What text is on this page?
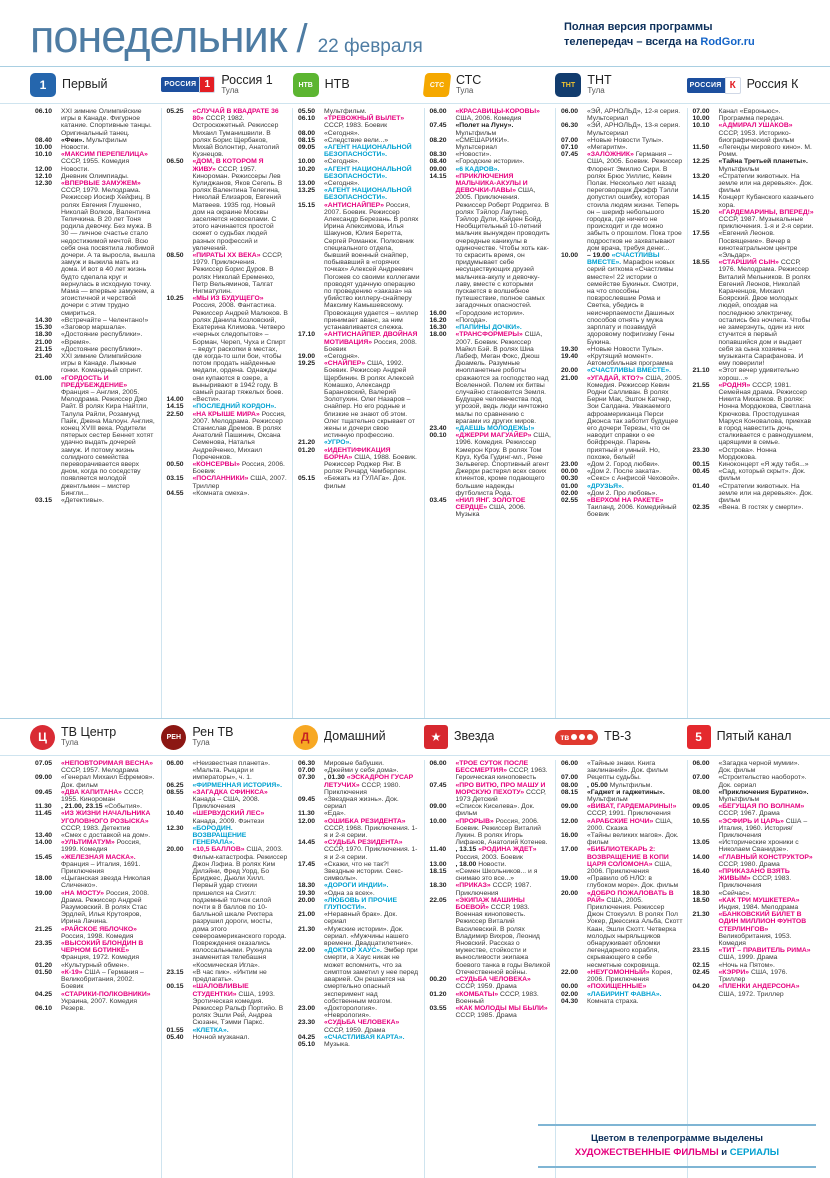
понедельник / 22 февраля
Полная версия программы
телепередач – всегда на RodGor.ru
1	Первый	РОССИЯ 1 Россия 1
Тула
НТВ НТВ	СТС СТС
Тула
ТНТ ТНТ
Тула
РОССИЯ К Россия К
06.10	XXI зимние Олимпийские игры в Канаде. Фигурное катание. Спортивные танцы. Оригинальный танец.
08.40	«Феи». Мультфильм
10.00	Новости.
10.10	«МАКСИМ ПЕРЕПЕЛИЦА» СССР, 1955. Комедия
12.00	Новости.
12.10	Дневник Олимпиады.
12.30	«ВПЕРВЫЕ ЗАМУЖЕМ» СССР, 1979. Мелодрама. Режиссер Иосиф Хейфиц. В ролях Евгения Глушенко, Николай Волков, Валентина Теличкина. В 20 лет Тоня родила девочку. Без мужа. В 30 — личное счастье стало недостижимой мечтой. Всю себя она посвятила любимой дочери. А та выросла, вышла замуж и выжила мать из дома. И вот в 40 лет жизнь будто сделала круг и вернулась в исходную точку. Мама — впервые замужем, а эгоистичной и черствой дочери с этим трудно смириться.
14.30	«Встречайте – Челентано!»
15.30	«Заговор маршала».
18.30	«Достояние республики».
21.00	«Время».
21.15	«Достояние республики».
21.40	XXI зимние Олимпийские игры в Канаде. Лыжные гонки. Командный спринт.
01.00	«ГОРДОСТЬ И ПРЕДУБЕЖДЕНИЕ» Франция – Англия, 2005. Мелодрама. Режиссер Джо Райт. В ролях Кира Найтли, Талула Райли, Розамунд Пайк, Джена Малоун. Англия, конец XVIII века. Родители пятерых сестер Беннет хотят удачно выдать дочерей замуж. И потому жизнь солидного семейства переворачивается вверх дном, когда по соседству появляется молодой джентльмен – мистер Бингли...
03.15	«Детективы».
05.25	«СЛУЧАЙ В КВАДРАТЕ 36 80» СССР, 1982. Остросюжетный. Режиссер Михаил Туманишвили. В ролях Борис Щербаков, Михай Волонтир, Анатолий Кузнецов.
06.50	«ДОМ, В КОТОРОМ Я ЖИВУ» СССР, 1957. Кинороман. Режиссеры Лев Кулиджанов, Яков Сегель. В ролях Валентина Телегина, Николай Елизаров, Евгений Матвеев. 1935 год. Новый дом на окраине Москвы заселяется новоселами. С этого начинается простой сюжет о судьбах людей разных профессий и увлечений.
08.50	«ПИРАТЫ XX ВЕКА» СССР, 1979. Приключения. Режиссер Борис Дуров. В ролях Николай Еременко, Петр Вельяминов, Талгат Нигматулин.
10.25	«МЫ ИЗ БУДУЩЕГО» Россия, 2008. Фантастика. Режиссер Андрей Малюков. В ролях Данила Козловский, Екатерина Климова. Четверо «черных следопытов» – Борман, Череп, Чуха и Спирт – ведут раскопки в местах, где когда-то шли бои, чтобы потом продать найденные медали, ордена. Однажды они купаются в озере, а выныривают в 1942 году. В самый разгар тяжелых боев.
14.00	«Вести».
14.15	«ПОСЛЕДНИЙ КОРДОН».
22.50	«НА КРЫШЕ МИРА» Россия, 2007. Мелодрама. Режиссер Станислав Дремов. В ролях Анатолий Пашинин, Оксана Семенова, Наталья Андрейченко, Михаил Пореченков.
00.50	«КОНСЕРВЫ» Россия, 2006. Боевик
03.15	«ПОСЛАННИКИ» США, 2007. Триллер
04.55	«Комната смеха».
05.50	Мультфильм.
06.10	«ТРЕВОЖНЫЙ ВЫЛЕТ» СССР, 1983. Боевик
08.00	«Сегодня».
08.15	«Следствие вели...»
09.05	«АГЕНТ НАЦИОНАЛЬНОЙ БЕЗОПАСНОСТИ».
10.00	«Сегодня».
10.20	«АГЕНТ НАЦИОНАЛЬНОЙ БЕЗОПАСНОСТИ».
13.00	«Сегодня».
13.25	«АГЕНТ НАЦИОНАЛЬНОЙ БЕЗОПАСНОСТИ».
15.15	«АНТИСНАЙПЕР» Россия, 2007. Боевик. Режиссер Александр Березань. В ролях Ирина Апексимова, Илья Шакунов, Юлия Беретта, Сергей Романюк. Полковник специального отдела, бывший военный снайпер, побывавший в «горячих точках» Алексей Андреевич Погожев со своими коллегами проводят удачную операцию по проведению «заказа» на убийство киллеру-снайперу Максиму Камышевскому. Провокация удается – киллер принимает аванс, за ним устанавливается слежка.
17.10	«АНТИСНАЙПЕР. ДВОЙНАЯ МОТИВАЦИЯ» Россия, 2008. Боевик
19.00	«Сегодня».
19.25	«СНАЙПЕР» США, 1992. Боевик. Режиссер Андрей Щербинин. В ролях Алексей Комашко, Александр Барановский, Валерий Золотухин. Олег Назаров – снайпер. Но его родные и близкие не знают об этом. Олег тщательно скрывает от жены и дочери свою истинную профессию.
21.20	«УГРО».
01.20	«ИДЕНТИФИКАЦИЯ БОРНА» США, 1988. Боевик. Режиссер Роджер Янг. В ролях Ричард Чемберлен.
05.15	«Бежать из ГУЛАГа». Док. фильм
06.00	«КРАСАВИЦЫ-КОРОВЫ» США, 2006. Комедия
07.45	«Полет на Луну». Мультфильм
08.20	«СМЕШАРИКИ». Мультсериал
08.30	«Новости».
08.40	«Городские истории».
09.00	«6 КАДРОВ».
14.15	«ПРИКЛЮЧЕНИЯ МАЛЬЧИКА-АКУЛЫ И ДЕВОЧКИ-ЛАВЫ» США, 2005. Приключения. Режиссер Роберт Родригез. В ролях Тэйлор Лаутнер, Тэйлор Дули, Кэйден Бойд. Необщительный 10-летний мальчик вынужден проводить очередные каникулы в одиночестве. Чтобы хоть как-то скрасить время, он придумывает себе несуществующих друзей мальчика-акулу и девочку-лаву, вместе с которыми пускается в волшебное путешествие, полное самых загадочных опасностей.
16.00	«Городские истории».
16.20	«Погода».
16.30	«ПАПИНЫ ДОЧКИ».
18.00	«ТРАНСФОРМЕРЫ» США, 2007. Боевик. Режиссер Майкл Бэй. В ролях Шиа Лабеф, Меган Фокс, Джош Дюамель. Разумные инопланетные роботы сражаются за господство над Вселенной. Полем их битвы случайно становится Земля. Будущее человечества под угрозой, ведь люди ничтожно малы по сравнению с врагами из других миров.
23.40	«ДАЕШЬ МОЛОДЕЖЬ!»
00.10	«ДЖЕРРИ МАГУАЙЕР» США, 1996. Комедия. Режиссер Кэмерон Кроу. В ролях Том Круз, Куба Гудинг-мл., Рене Зельвегер. Спортивный агент Джерри растерял всех своих клиентов, кроме подающего большие надежды футболиста Рода.
03.45	«НИЛ ЯНГ. ЗОЛОТОЕ СЕРДЦЕ» США, 2006. Музыка
06.00	«ЭЙ, АРНОЛЬД», 12-я серия. Мультсериал
06.30	«ЭЙ, АРНОЛЬД», 13-я серия. Мультсериал
07.00	«Новые Новости Тулы».
07.10	«Мегаритм».
07.45	«ЗАЛОЖНИК» Германия – США, 2005. Боевик. Режиссер Флорент Эмилио Сири. В ролях Брюс Уиллис, Кевин Полак. Несколько лет назад переговорщик Джэфф Тэлли допустил ошибку, которая стоила людям жизни. Теперь он – шериф небольшого городка, где ничего не происходит и где можно забыть о прошлом. Пока трое подростков не захватывают дом врача, требуя денег...
10.00	– 19.00 «СЧАСТЛИВЫ ВМЕСТЕ». Марафон новых серий ситкома «Счастливы вместе»! 22 истории о семействе Букиных. Смотри, на что способны повзрослевшие Рома и Светка, убедись в неисчерпаемости Дашиных способов отнять у мужа зарплату и позавидуй здоровому пофигизму Гены Букина.
19.30	«Новые Новости Тулы».
19.40	«Крутящий момент». Автомобильная программа
20.00	«СЧАСТЛИВЫ ВМЕСТЕ».
21.00	«УГАДАЙ, КТО?» США, 2005. Комедия. Режиссер Кевин Родни Салливан. В ролях Берни Мак, Эштон Катчер, Зои Салдана. Уважаемого афроамериканца Перси Джонса так заботит будущее его дочери Терезы, что он наводит справки о ее бойфренде. Парень приятный и умный. Но, похоже, белый!
23.00	«Дом 2. Город любви».
00.00	«Дом 2. После заката».
00.30	«Секс» с Анфисой Чеховой».
01.00	«ДРУЗЬЯ».
02.00	«Дом 2. Про любовь».
02.55	«ВЕРХОМ НА РАКЕТЕ» Таиланд, 2006. Комедийный боевик
07.00	Канал «Евроньюс».
10.00	Программа передач.
10.10	«АДМИРАЛ УШАКОВ» СССР, 1953. Историко-биографический фильм
11.50	«Легенды мирового кино». М. Ромм.
12.25	«Тайна Третьей планеты». Мультфильм
13.20	«Стратегии животных. На земле или на деревьях». Док. фильм
14.15	Концерт Кубанского казачьего хора.
15.20	«ГАРДЕМАРИНЫ, ВПЕРЕД!» СССР, 1987. Музыкальные приключения. 1-я и 2-я серии.
17.55	«Евгений Леонов. Посвящение». Вечер в кинотеатральном центре «Эльдар».
18.55	«СТАРШИЙ СЫН» СССР, 1976. Мелодрама. Режиссер Виталий Мельников. В ролях Евгений Леонов, Николай Караченцов, Михаил Боярский. Двое молодых людей, опоздав на последнюю электричку, остались без ночлега. Чтобы не замерзнуть, один из них стучится в первый попавшийся дом и выдает себя за сына хозяина – музыканта Сарафанова. И ему поверили!
21.10	«Этот вечер удивительно хорош...»
21.55	«РОДНЯ» СССР, 1981. Семейная драма. Режиссер Никита Михалков. В ролях: Нонна Мордюкова, Светлана Крючкова. Простодушная Маруся Коновалова, приехав в город навестить дочь, сталкивается с равнодушием, царящими в семье.
23.30	«Острова». Нонна Мордюкова.
00.15	Киноконцерт «Я жду тебя...»
00.45	«Сад, который скрыт». Док. фильм
01.40	«Стратегии животных. На земле или на деревьях». Док. фильм
02.35	«Вена. В гостях у смерти».
Ц	ТВ Центр
Тула
РЕН Рен ТВ
Тула	Д	Домашний	★	Звезда	тв	ТВ-3	5	Пятый канал
07.05	«НЕПОВТОРИМАЯ ВЕСНА» СССР, 1957. Мелодрама
09.00	«Генерал Михаил Ефремов». Док. фильм
09.45	«ДВА КАПИТАНА» СССР, 1955. Кинороман
11.30	, 21.00, 23.15 «События».
11.45	«ИЗ ЖИЗНИ НАЧАЛЬНИКА УГОЛОВНОГО РОЗЫСКА» СССР, 1983. Детектив
13.40	«Смех с доставкой на дом».
14.00	«УЛЬТИМАТУМ» Россия, 1999. Комедия
15.45	«ЖЕЛЕЗНАЯ МАСКА». Франция – Италия, 1691. Приключения
18.00	«Цыганская звезда Николая Сличенко».
19.00	«НА МОСТУ» Россия, 2008. Драма. Режиссер Андрей Разумовский. В ролях Стас Эрдлей, Илья Крутояров, Ирина Лачина.
21.25	«РАЙСКОЕ ЯБЛОЧКО» Россия, 1998. Комедия
23.35	«ВЫСОКИЙ БЛОНДИН В ЧЕРНОМ БОТИНКЕ» Франция, 1972. Комедия
01.20	«Культурный обмен».
01.50	«К-19» США – Германия – Великобритания, 2002. Боевик
04.25	«СТАРИКИ-ПОЛКОВНИКИ» Украина, 2007. Комедия
06.10	Резерв.
06.00	«Неизвестная планета». «Мальта. Рыцари и императоры», ч. 1.
06.25	«ФИРМЕННАЯ ИСТОРИЯ».
08.55	«ЗАГАДКА СФИНКСА» Канада – США, 2008. Приключения
10.40	«ШЕРВУДСКИЙ ЛЕС» Канада, 2009. Фэнтези
12.30	«БОРОДИН. ВОЗВРАЩЕНИЕ ГЕНЕРАЛА».
20.00	«10,5 БАЛЛОВ» США, 2003. Фильм-катастрофа. Режиссер Джон Лэфиа. В ролях Ким Дилэйни, Фред Уорд, Бо Бриджес, Дьюли Хилл. Первый удар стихии пришелся на Сиэтл: подземный толчок силой почти в 8 баллов по 10-балльной шкале Рихтера разрушил дороги, мосты, дома этого североамериканского города. Повреждения оказались колоссальными. Рухнула знаменитая телебашня «Космическая Игла».
23.15	«В час пик». «Интим не предлагать».
00.15	«ШАЛОВЛИВЫЕ СТУДЕНТКИ» США, 1993. Эротическая комедия. Режиссер Ральф Портийо. В ролях Эшли Рей, Андреа Сюзанн, Тэмми Паркс.
01.55	«КЛЕТКА».
05.40	Ночной музканал.
06.30	Мировые бабушки.
07.00	«Джейми у себя дома».
07.30	, 01.30 «ЭСКАДРОН ГУСАР ЛЕТУЧИХ» СССР, 1980. Приключения
09.45	«Звездная жизнь». Док. сериал
11.30	«Еда».
12.00	«ОШИБКА РЕЗИДЕНТА» СССР, 1968. Приключения. 1-я и 2-я серии.
14.45	«СУДЬБА РЕЗИДЕНТА» СССР, 1970. Приключения. 1-я и 2-я серии.
17.45	«Скажи, что не так?! Звездные истории. Секс-символы».
18.30	«ДОРОГИ ИНДИИ».
19.30	«Одна за всех».
20.00	«ЛЮБОВЬ И ПРОЧИЕ ГЛУПОСТИ».
21.00	«Неравный брак». Док. сериал
21.30	«Мужские истории». Док. сериал. «Мужчины нашего времени. Двадцатилетние».
22.00	«ДОКТОР ХАУС». Эмбер при смерти, а Хаус никак не может вспомнить, что за симптом заметил у нее перед аварией. Он решается на смертельно опасный эксперимент над собственным мозгом.
23.00	«Докторология». «Неврология».
23.30	«СУДЬБА ЧЕЛОВЕКА» СССР, 1959. Драма
04.25	«СЧАСТЛИВАЯ КАРТА».
05.10	Музыка.
06.00	«ТРОЕ СУТОК ПОСЛЕ БЕССМЕРТИЯ» СССР, 1963. Героическая киноповесть
07.45	«ПРО ВИТЮ, ПРО МАШУ И МОРСКУЮ ПЕХОТУ» СССР, 1973 Детский
09.00	«Список Киселева». Док. фильм
10.00	«ПРОРЫВ» Россия, 2006. Боевик. Режиссер Виталий Лукин. В ролях Игорь Лифанов, Анатолий Котенев.
11.40	, 13.15 «РОДИНА ЖДЕТ» Россия, 2003. Боевик
13.00	, 18.00 Новости.
18.15	«Семен Школьников... и я снимаю это все...»
18.30	«ПРИКАЗ» СССР, 1987. Приключения
22.05	«ЭКИПАЖ МАШИНЫ БОЕВОЙ» СССР, 1983. Военная киноповесть. Режиссер Виталий Василевский. В ролях Владимир Вихров, Леонид Яновский. Рассказ о мужестве, стойкости и выносливости экипажа боевого танка в годы Великой Отечественной войны.
00.20	«СУДЬБА ЧЕЛОВЕКА» СССР, 1959. Драма
01.20	«КОМБАТЫ» СССР, 1983. Военный
03.55	«КАК МОЛОДЫ МЫ БЫЛИ» СССР, 1985. Драма
06.00	«Тайные знаки. Книга заклинаний». Док. фильм
07.00	Рецепты судьбы.
08.00	, 05.00 Мультфильм.
08.15	«Гаджет и гаджетины». Мультфильм
09.00	«ВИВАТ, ГАРДЕМАРИНЫ!» СССР, 1991. Приключения
12.00	«АРАБСКИЕ НОЧИ» США, 2000. Сказка
16.00	«Тайны великих магов». Док. фильм
17.00	«БИБЛИОТЕКАРЬ 2: ВОЗВРАЩЕНИЕ В КОПИ ЦАРЯ СОЛОМОНА» США, 2006. Приключения
19.00	«Правило об НЛО: в глубоком море». Док. фильм
20.00	«ДОБРО ПОЖАЛОВАТЬ В РАЙ» США, 2005. Приключения. Режиссер Джон Стокуэлл. В ролях Пол Уокер, Джессика Альба, Скотт Каан, Эшли Скотт. Четверка молодых ныряльщиков обнаруживает обломки легендарного корабля, скрывающего в себе несметные сокровища.
22.00	«НЕУГОМОННЫЙ» Корея, 2006. Приключения
00.00	«ПОХИЩЕННЫЕ»
02.00	«ЛАБИРИНТ ФАВНА».
04.30	Комната страха.
06.00	«Загадка черной мумии». Док. фильм
07.00	«Строительство наоборот». Док. сериал
08.00	«Приключения Буратино». Мультфильм
09.05	«БЕГУЩАЯ ПО ВОЛНАМ» СССР, 1967. Драма
10.55	«ЭСФИРЬ И ЦАРЬ» США – Италия, 1960. История/Приключения
13.05	«Исторические хроники с Николаем Сванидзе».
14.00	«ГЛАВНЫЙ КОНСТРУКТОР» СССР, 1980. Драма
16.40	«ПРИКАЗАНО ВЗЯТЬ ЖИВЫМ» СССР, 1983. Приключения
18.30	«Сейчас».
18.50	«КАК ТРИ МУШКЕТЕРА» Индия, 1984. Мелодрама
21.30	«БАНКОВСКИЙ БИЛЕТ В ОДИН МИЛЛИОН ФУНТОВ СТЕРЛИНГОВ» Великобритания, 1953. Комедия
23.15	«ТИТ – ПРАВИТЕЛЬ РИМА» США, 1999. Драма
02.15	«Ночь на Пятом».
02.45	«КЭРРИ» США, 1976. Триллер
04.20	«ПЛЕНКИ АНДЕРСОНА» США, 1972. Триллер
Цветом в телепрограмме выделены
ХУДОЖЕСТВЕННЫЕ ФИЛЬМЫ и СЕРИАЛЫ
